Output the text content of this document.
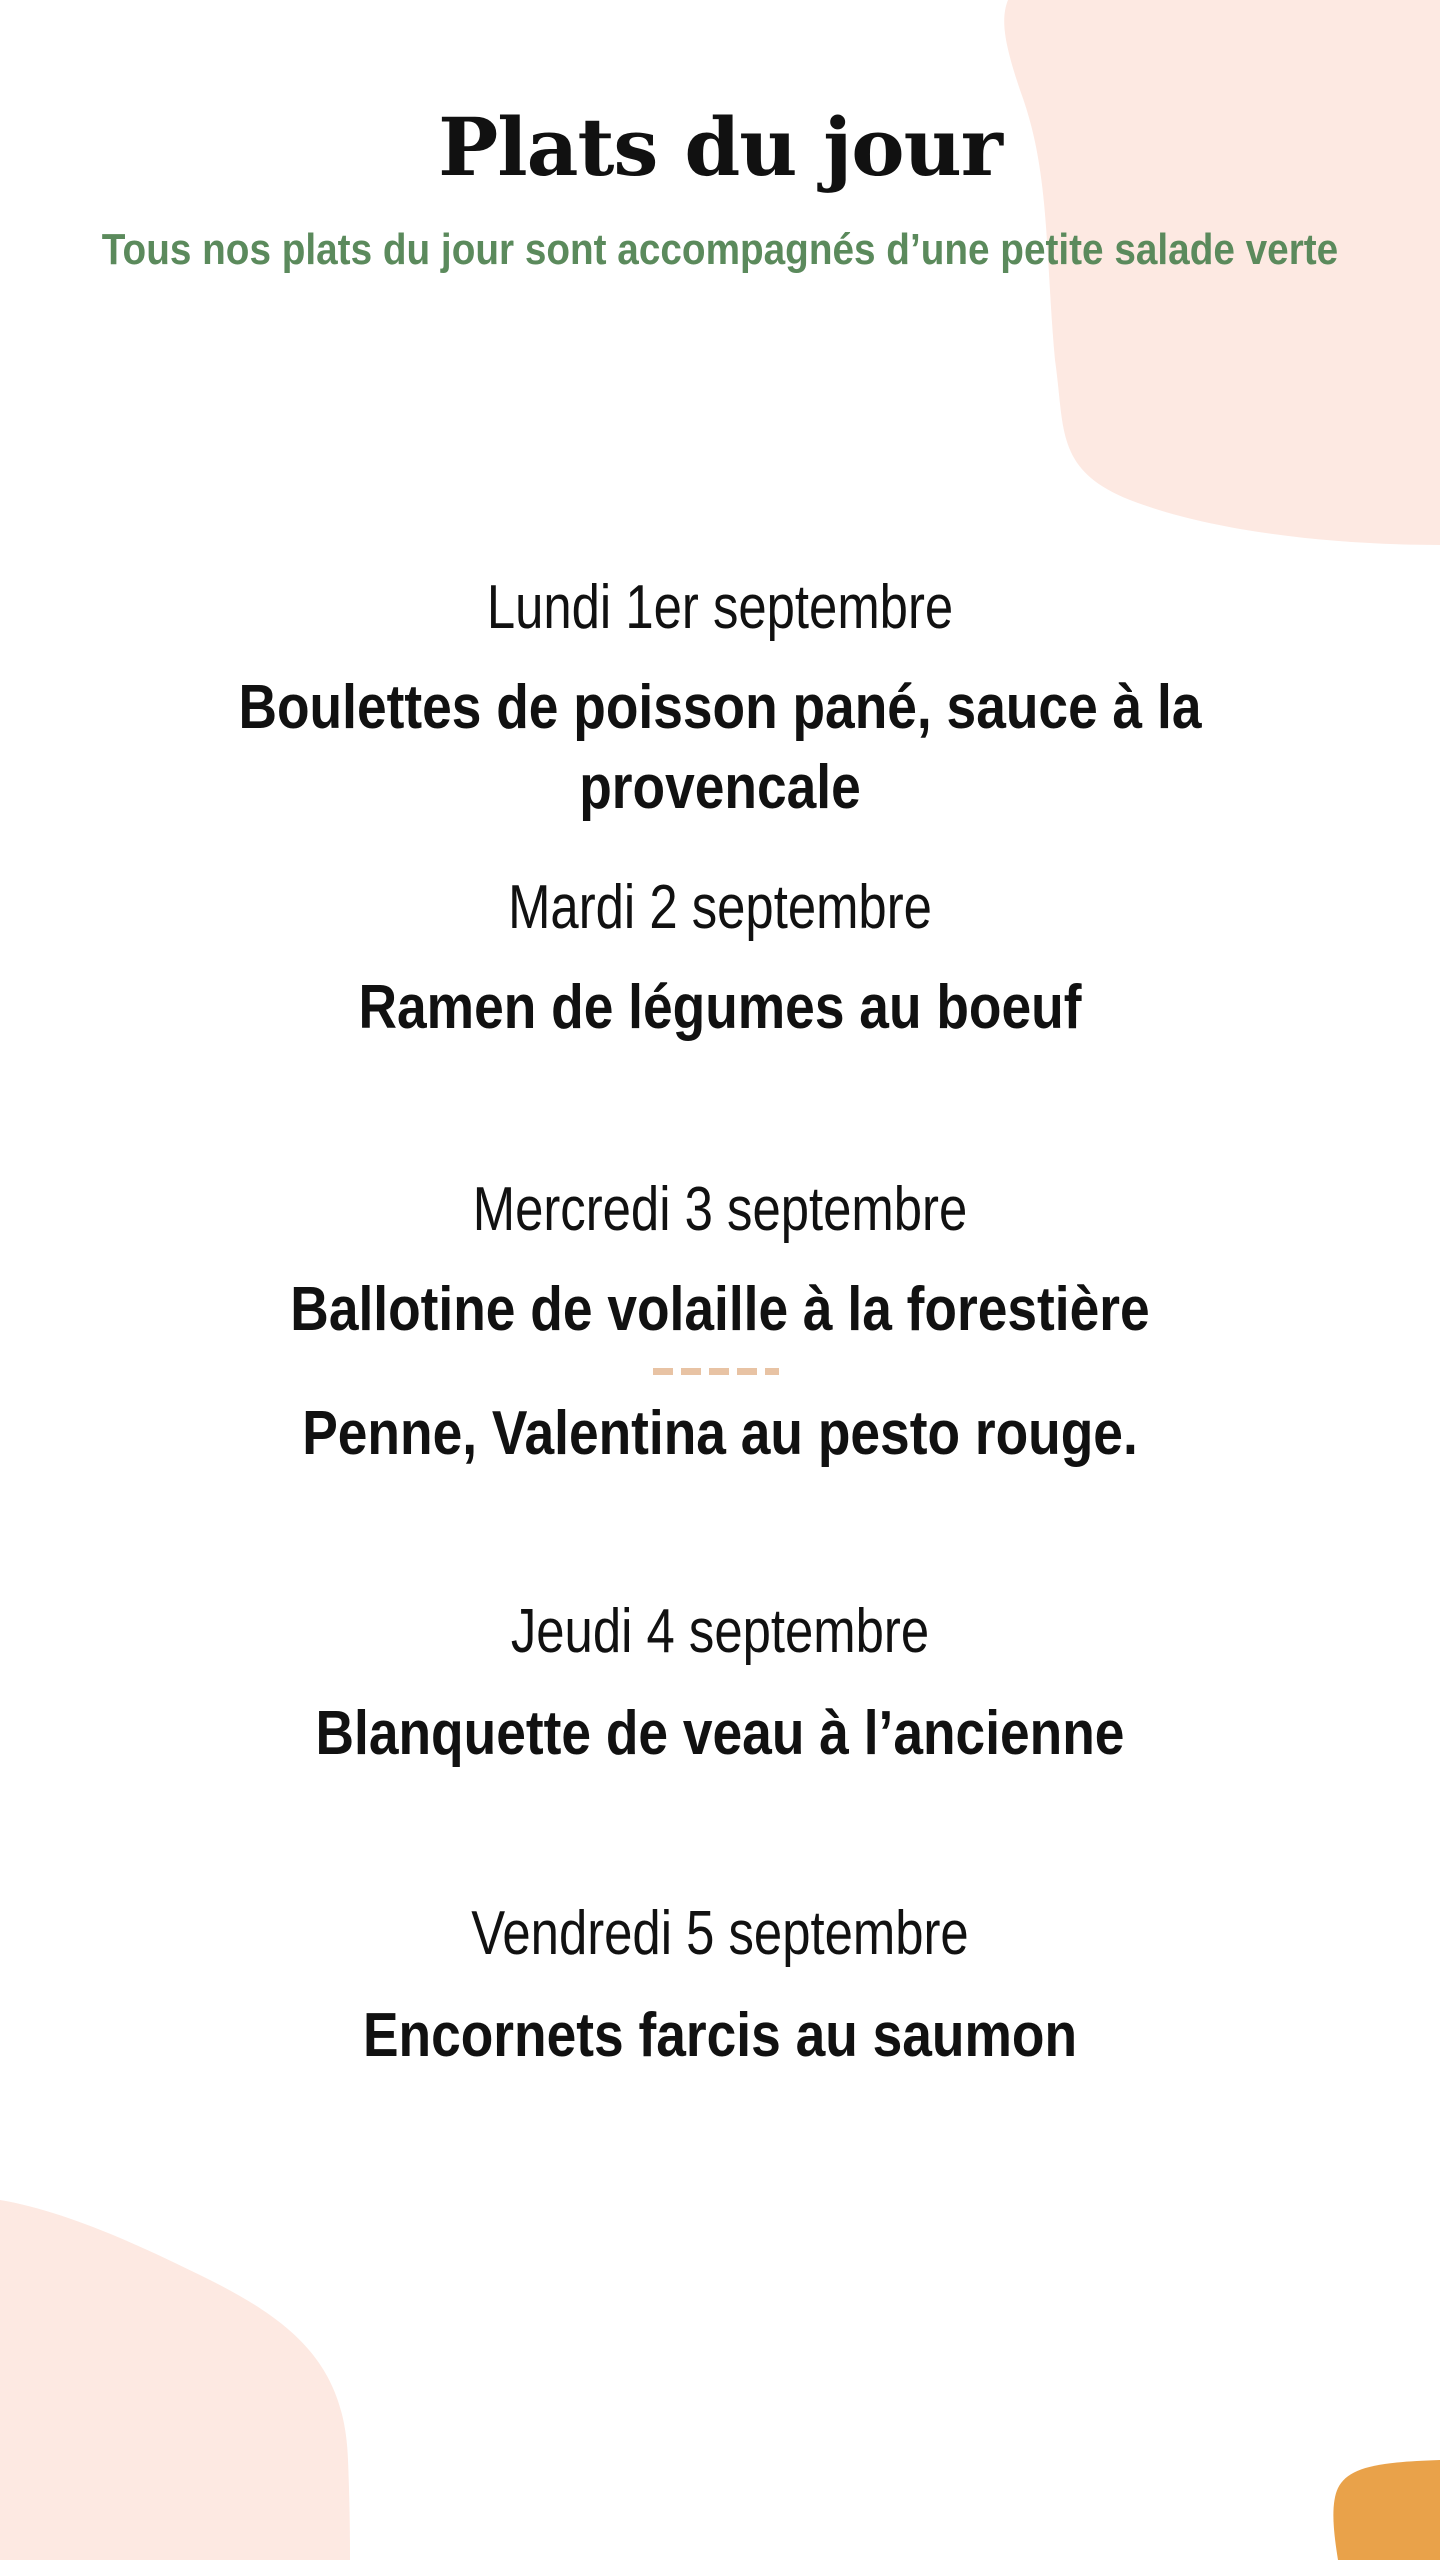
Plats du jour

Tous nos plats du jour sont accompagnés d’une petite salade verte

Lundi 1er septembre

Boulettes de poisson pané, sauce à la provencale

Mardi 2 septembre

Ramen de légumes au boeuf

Mercredi 3 septembre

Ballotine de volaille à la forestière

Penne, Valentina au pesto rouge.

Jeudi 4 septembre

Blanquette de veau à l’ancienne

Vendredi 5 septembre

Encornets farcis au saumon
